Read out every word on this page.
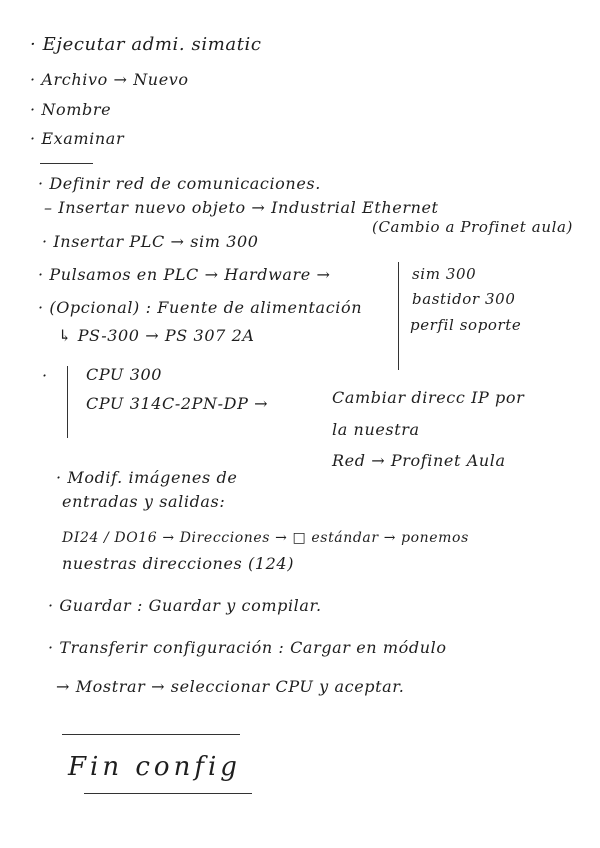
· Ejecutar admi. simatic
· Archivo → Nuevo
· Nombre
· Examinar
· Definir red de comunicaciones.
– Insertar nuevo objeto → Industrial Ethernet
(Cambio a Profinet aula)
· Insertar PLC → sim 300
· Pulsamos en PLC → Hardware →	sim 300
· (Opcional) : Fuente de alimentación	bastidor 300
↳ PS-300 → PS 307 2A
perfil soporte
· CPU 300
CPU 314C-2PN-DP →	Cambiar direcc IP por
la nuestra
Red → Profinet Aula
· Modif. imágenes de
entradas y salidas:
DI24 / DO16 → Direcciones → □ estándar → ponemos
nuestras direcciones (124)
· Guardar : Guardar y compilar.
· Transferir configuración : Cargar en módulo
→ Mostrar → seleccionar CPU y aceptar.
Fin config
